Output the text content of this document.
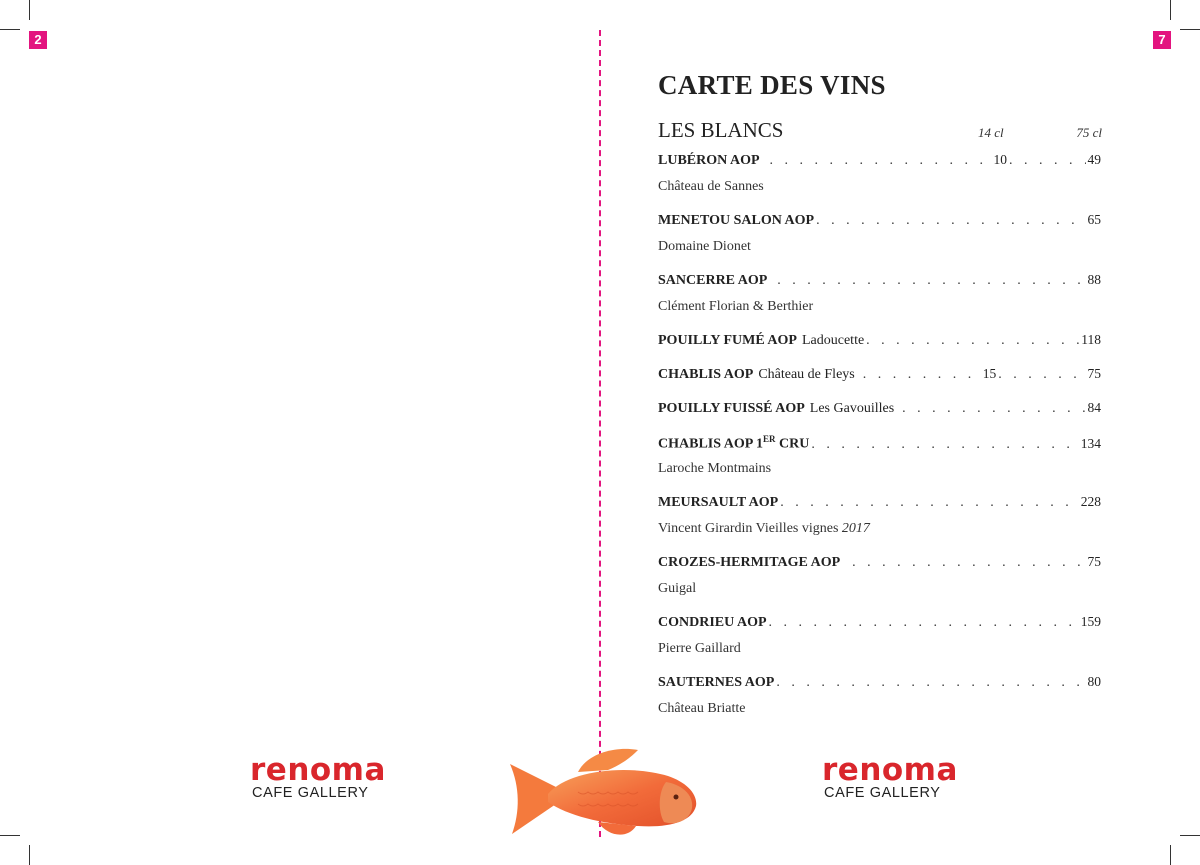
2	7
CARTE DES VINS
LES BLANCS	14 cl	75 cl
LUBÉRON AOP . . .	10 . . .	49
Château de Sannes
MENETOU SALON AOP . . .	65
Domaine Dionet
SANCERRE AOP . . .	88
Clément Florian & Berthier
POUILLY FUMÉ AOP Ladoucette . . .	118
CHABLIS AOP Château de Fleys . . .	15 . . .	75
POUILLY FUISSÉ AOP Les Gavouilles . . .	84
CHABLIS AOP 1ER CRU . . .	134
Laroche Montmains
MEURSAULT AOP . . .	228
Vincent Girardin Vieilles vignes 2017
CROZES-HERMITAGE AOP . . .	75
Guigal
CONDRIEU AOP . . .	159
Pierre Gaillard
SAUTERNES AOP . . .	80
Château Briatte
renoma
CAFE GALLERY
renoma
CAFE GALLERY
